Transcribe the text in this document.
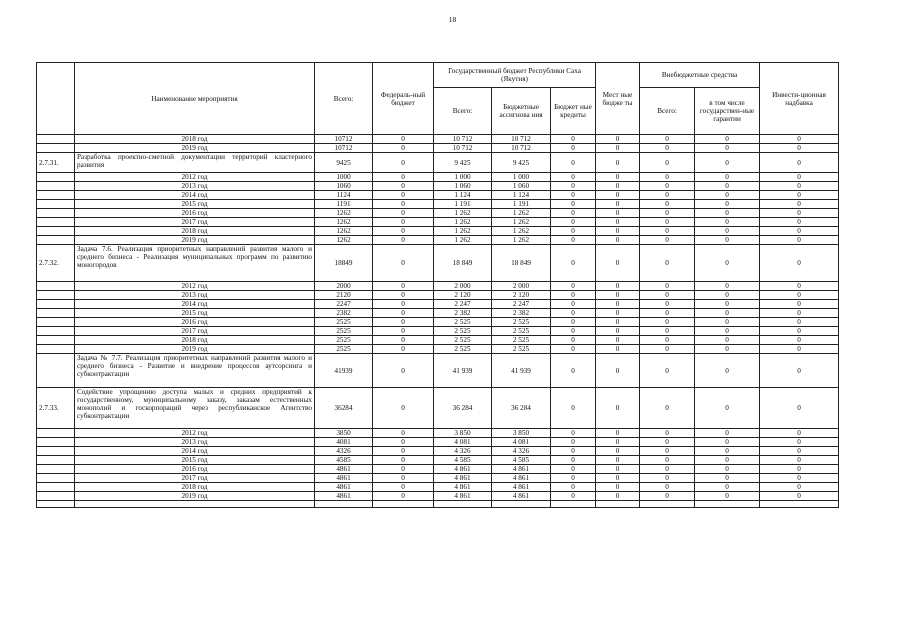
18
	Наименование мероприятия	Всего:	Федераль-ный бюджет	Государственный бюджет Республики Саха (Якутия)			Мест ные бюдже ты	Внебюджетные средства		Инвести-ционная надбавка
				Всего:	Бюджетные ассигнова ния	Бюджет ные кредиты		Всего:	в том числе государствен-ные гарантии	
	2018 год	10712	0	10 712	10 712	0	0	0	0	0
	2019 год	10712	0	10 712	10 712	0	0	0	0	0
2.7.31.	Разработка проектно-сметной документации территорий кластерного развития	9425	0	9 425	9 425	0	0	0	0	0
	2012 год	1000	0	1 000	1 000	0	0	0	0	0
	2013 год	1060	0	1 060	1 060	0	0	0	0	0
	2014 год	1124	0	1 124	1 124	0	0	0	0	0
	2015 год	1191	0	1 191	1 191	0	0	0	0	0
	2016 год	1262	0	1 262	1 262	0	0	0	0	0
	2017 год	1262	0	1 262	1 262	0	0	0	0	0
	2018 год	1262	0	1 262	1 262	0	0	0	0	0
	2019 год	1262	0	1 262	1 262	0	0	0	0	0
2.7.32.	Задача 7.6. Реализация приоритетных направлений развития малого и среднего бизнеса - Реализация муниципальных программ по развитию моногородов	18849	0	18 849	18 849	0	0	0	0	0
	2012 год	2000	0	2 000	2 000	0	0	0	0	0
	2013 год	2120	0	2 120	2 120	0	0	0	0	0
	2014 год	2247	0	2 247	2 247	0	0	0	0	0
	2015 год	2382	0	2 382	2 382	0	0	0	0	0
	2016 год	2525	0	2 525	2 525	0	0	0	0	0
	2017 год	2525	0	2 525	2 525	0	0	0	0	0
	2018 год	2525	0	2 525	2 525	0	0	0	0	0
	2019 год	2525	0	2 525	2 525	0	0	0	0	0
	Задача № 7.7. Реализация приоритетных направлений развития малого и среднего бизнеса - Развитие и внедрение процессов аутсорсинга и субконтрактации	41939	0	41 939	41 939	0	0	0	0	0
2.7.33.	Содействие упрощению доступа малых и средних предприятий к государственному, муниципальному заказу, заказам естественных монополий и госкорпораций через республиканское Агентство субконтрактации	36284	0	36 284	36 284	0	0	0	0	0
	2012 год	3850	0	3 850	3 850	0	0	0	0	0
	2013 год	4081	0	4 081	4 081	0	0	0	0	0
	2014 год	4326	0	4 326	4 326	0	0	0	0	0
	2015 год	4585	0	4 585	4 585	0	0	0	0	0
	2016 год	4861	0	4 861	4 861	0	0	0	0	0
	2017 год	4861	0	4 861	4 861	0	0	0	0	0
	2018 год	4861	0	4 861	4 861	0	0	0	0	0
	2019 год	4861	0	4 861	4 861	0	0	0	0	0
